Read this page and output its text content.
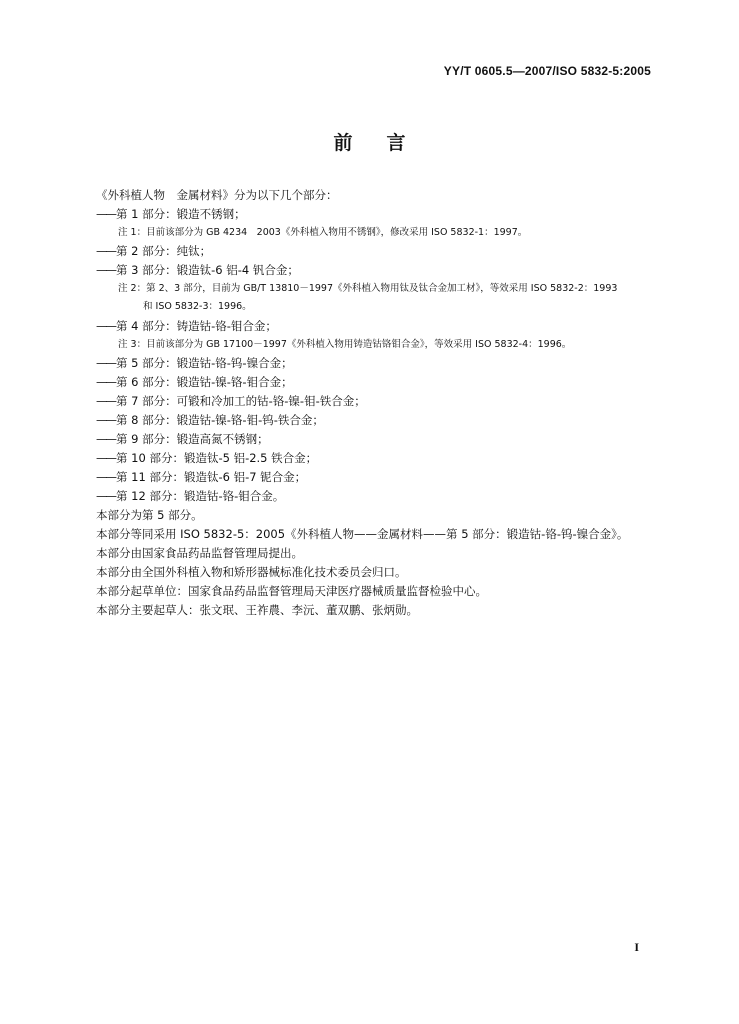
YY/T 0605.5—2007/ISO 5832-5:2005
前言
《外科植人物　金属材料》分为以下几个部分：
——第 1 部分：锻造不锈钢；
注 1：目前该部分为 GB 4234　2003《外科植入物用不锈钢》，修改采用 ISO 5832-1：1997。
——第 2 部分：纯钛；
——第 3 部分：锻造钛-6 铝-4 钒合金；
注 2：第 2、3 部分，目前为 GB/T 13810－1997《外科植入物用钛及钛合金加工材》，等效采用 ISO 5832-2：1993
和 ISO 5832-3：1996。
——第 4 部分：铸造钴-铬-钼合金；
注 3：目前该部分为 GB 17100－1997《外科植入物用铸造钴铬钼合金》，等效采用 ISO 5832-4：1996。
——第 5 部分：锻造钴-铬-钨-镍合金；
——第 6 部分：锻造钴-镍-铬-钼合金；
——第 7 部分：可锻和冷加工的钴-铬-镍-钼-铁合金；
——第 8 部分：锻造钴-镍-铬-钼-钨-铁合金；
——第 9 部分：锻造高氮不锈钢；
——第 10 部分：锻造钛-5 铝-2.5 铁合金；
——第 11 部分：锻造钛-6 铝-7 铌合金；
——第 12 部分：锻造钴-铬-钼合金。
本部分为第 5 部分。
本部分等同采用 ISO 5832-5：2005《外科植人物——金属材料——第 5 部分：锻造钴-铬-钨-镍合金》。
本部分由国家食品药品监督管理局提出。
本部分由全国外科植入物和矫形器械标准化技术委员会归口。
本部分起草单位：国家食品药品监督管理局天津医疗器械质量监督检验中心。
本部分主要起草人：张文珉、王祚農、李沅、董双鹏、张炳勋。
I
